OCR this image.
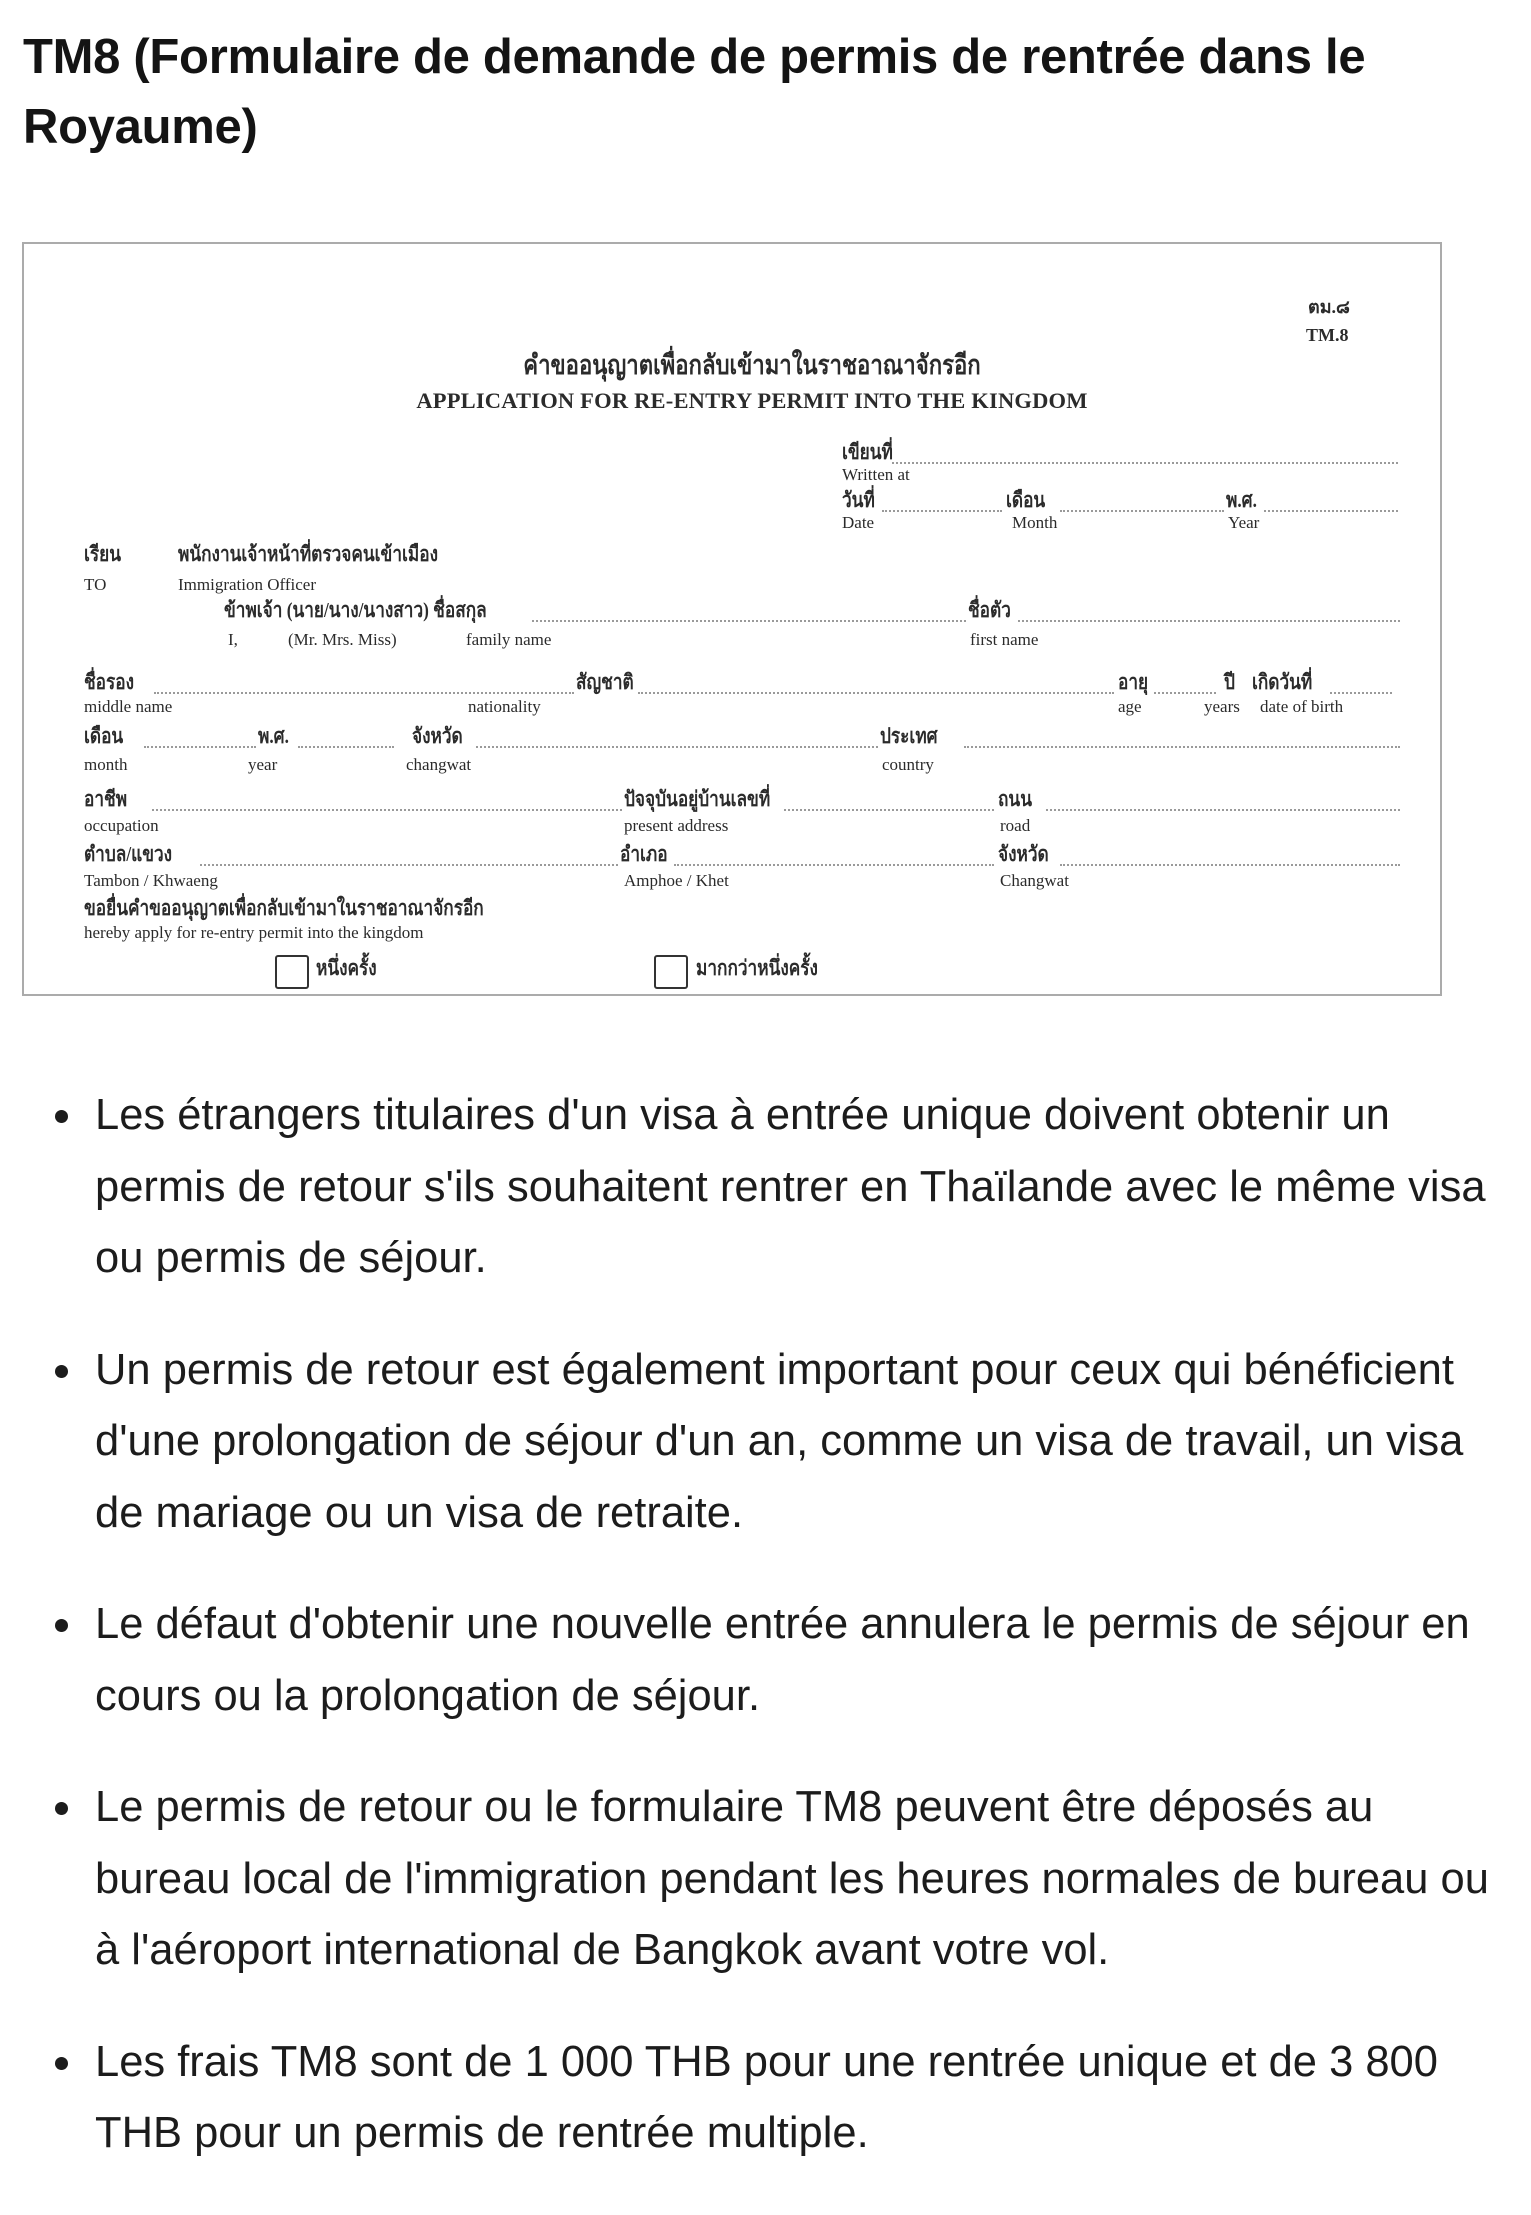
TM8 (Formulaire de demande de permis de rentrée dans le Royaume)
ตม.๘
TM.8
คำขออนุญาตเพื่อกลับเข้ามาในราชอาณาจักรอีก
APPLICATION FOR RE-ENTRY PERMIT INTO THE KINGDOM
เขียนที่
Written at
วันที่	เดือน	พ.ศ.
Date	Month	Year
เรียน	พนักงานเจ้าหน้าที่ตรวจคนเข้าเมือง
TO	Immigration Officer
ข้าพเจ้า (นาย/นาง/นางสาว) ชื่อสกุล	ชื่อตัว
I,	(Mr. Mrs. Miss)	family name	first name
ชื่อรอง	สัญชาติ	อายุ	ปี เกิดวันที่
middle name	nationality	age	years date of birth
เดือน	พ.ศ.	จังหวัด	ประเทศ
month	year	changwat	country
อาชีพ	ปัจจุบันอยู่บ้านเลขที่	ถนน
occupation	present address	road
ตำบล/แขวง	อำเภอ	จังหวัด
Tambon / Khwaeng	Amphoe / Khet	Changwat
ขอยื่นคำขออนุญาตเพื่อกลับเข้ามาในราชอาณาจักรอีก
hereby apply for re-entry permit into the kingdom
หนึ่งครั้ง	มากกว่าหนึ่งครั้ง
Les étrangers titulaires d'un visa à entrée unique doivent obtenir un permis de retour s'ils souhaitent rentrer en Thaïlande avec le même visa ou permis de séjour.
Un permis de retour est également important pour ceux qui bénéficient d'une prolongation de séjour d'un an, comme un visa de travail, un visa de mariage ou un visa de retraite.
Le défaut d'obtenir une nouvelle entrée annulera le permis de séjour en cours ou la prolongation de séjour.
Le permis de retour ou le formulaire TM8 peuvent être déposés au bureau local de l'immigration pendant les heures normales de bureau ou à l'aéroport international de Bangkok avant votre vol.
Les frais TM8 sont de 1 000 THB pour une rentrée unique et de 3 800 THB pour un permis de rentrée multiple.
